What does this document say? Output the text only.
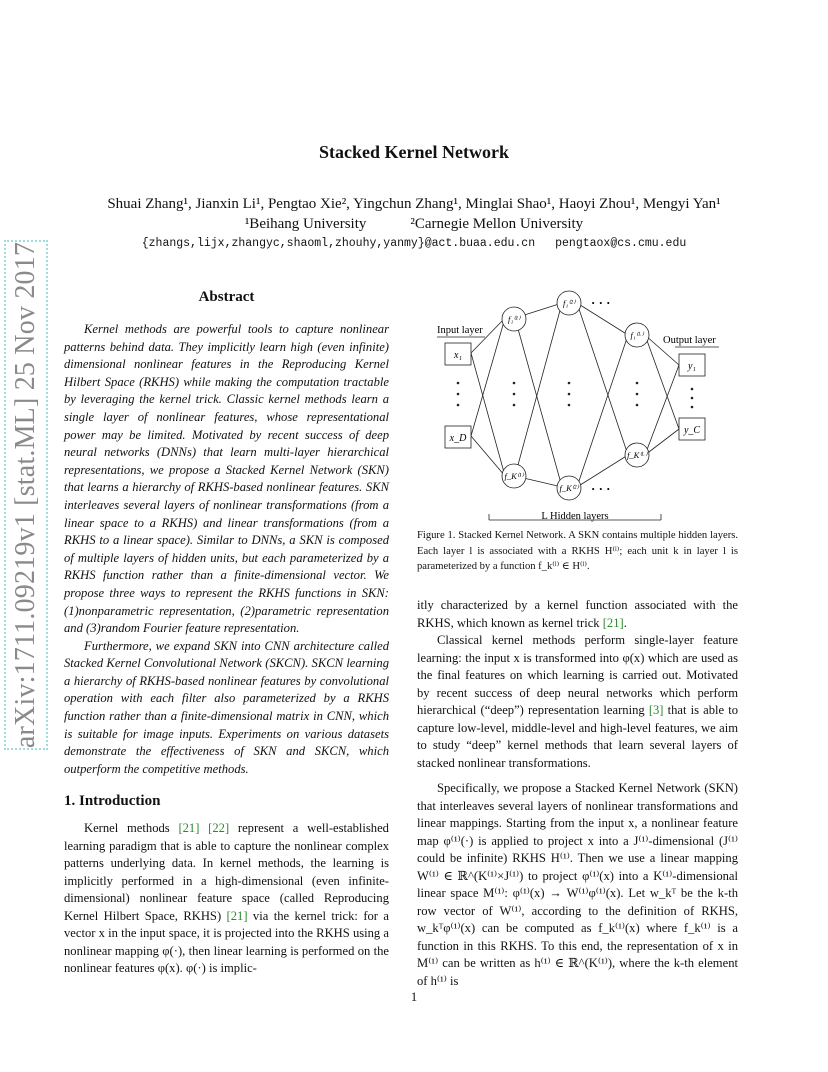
arXiv:1711.09219v1 [stat.ML] 25 Nov 2017
Stacked Kernel Network
Shuai Zhang¹, Jianxin Li¹, Pengtao Xie², Yingchun Zhang¹, Minglai Shao¹, Haoyi Zhou¹, Mengyi Yan¹
¹Beihang University	²Carnegie Mellon University
{zhangs,lijx,zhangyc,shaoml,zhouhy,yanmy}@act.buaa.edu.cn pengtaox@cs.cmu.edu
Abstract

Kernel methods are powerful tools to capture nonlinear patterns behind data. They implicitly learn high (even infinite) dimensional nonlinear features in the Reproducing Kernel Hilbert Space (RKHS) while making the computation tractable by leveraging the kernel trick. Classic kernel methods learn a single layer of nonlinear features, whose representational power may be limited. Motivated by recent success of deep neural networks (DNNs) that learn multi-layer hierarchical representations, we propose a Stacked Kernel Network (SKN) that learns a hierarchy of RKHS-based nonlinear features. SKN interleaves several layers of nonlinear transformations (from a linear space to a RKHS) and linear transformations (from a RKHS to a linear space). Similar to DNNs, a SKN is composed of multiple layers of hidden units, but each parameterized by a RKHS function rather than a finite-dimensional vector. We propose three ways to represent the RKHS functions in SKN: (1)nonparametric representation, (2)parametric representation and (3)random Fourier feature representation.

Furthermore, we expand SKN into CNN architecture called Stacked Kernel Convolutional Network (SKCN). SKCN learning a hierarchy of RKHS-based nonlinear features by convolutional operation with each filter also parameterized by a RKHS function rather than a finite-dimensional matrix in CNN, which is suitable for image inputs. Experiments on various datasets demonstrate the effectiveness of SKN and SKCN, which outperform the competitive methods.

1. Introduction

Kernel methods [21] [22] represent a well-established learning paradigm that is able to capture the nonlinear complex patterns underlying data. In kernel methods, the learning is implicitly performed in a high-dimensional (even infinite-dimensional) nonlinear feature space (called Reproducing Kernel Hilbert Space, RKHS) [21] via the kernel trick: for a vector x in the input space, it is projected into the RKHS using a nonlinear mapping φ(·), then linear learning is performed on the nonlinear features φ(x). φ(·) is implic-

Input layer
Output layer
x₁
x_D
y₁
y_C
f₁⁽¹⁾
f₁⁽²⁾
f₁⁽ᴸ⁾
f_K⁽¹⁾
f_K⁽²⁾
f_K⁽ᴸ⁾
· · ·
· · ·
L Hidden layers
Figure 1. Stacked Kernel Network. A SKN contains multiple hidden layers. Each layer l is associated with a RKHS H⁽ˡ⁾; each unit k in layer l is parameterized by a function f_k⁽ˡ⁾ ∈ H⁽ˡ⁾.

itly characterized by a kernel function associated with the RKHS, which known as kernel trick [21].

Classical kernel methods perform single-layer feature learning: the input x is transformed into φ(x) which are used as the final features on which learning is carried out. Motivated by recent success of deep neural networks which perform hierarchical (“deep”) representation learning [3] that is able to capture low-level, middle-level and high-level features, we aim to study “deep” kernel methods that learn several layers of stacked nonlinear transformations.

Specifically, we propose a Stacked Kernel Network (SKN) that interleaves several layers of nonlinear transformations and linear mappings. Starting from the input x, a nonlinear feature map φ⁽¹⁾(·) is applied to project x into a J⁽¹⁾-dimensional (J⁽¹⁾ could be infinite) RKHS H⁽¹⁾. Then we use a linear mapping W⁽¹⁾ ∈ ℝ^(K⁽¹⁾×J⁽¹⁾) to project φ⁽¹⁾(x) into a K⁽¹⁾-dimensional linear space M⁽¹⁾: φ⁽¹⁾(x) → W⁽¹⁾φ⁽¹⁾(x). Let w_kᵀ be the k-th row vector of W⁽¹⁾, according to the definition of RKHS, w_kᵀφ⁽¹⁾(x) can be computed as f_k⁽¹⁾(x) where f_k⁽¹⁾ is a function in this RKHS. To this end, the representation of x in M⁽¹⁾ can be written as h⁽¹⁾ ∈ ℝ^(K⁽¹⁾), where the k-th element of h⁽¹⁾ is

1
